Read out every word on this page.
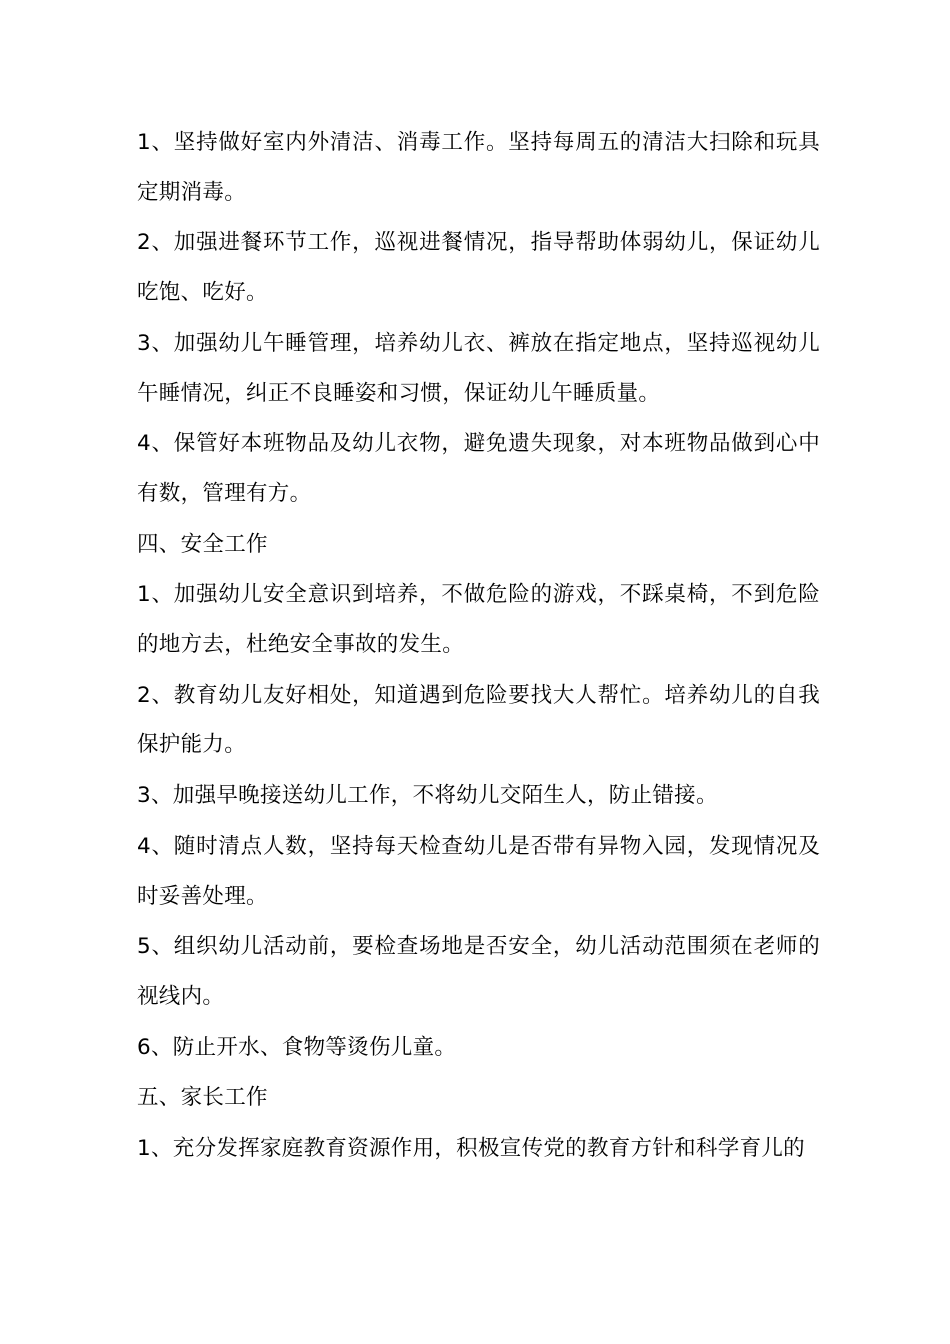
1、坚持做好室内外清洁、消毒工作。坚持每周五的清洁大扫除和玩具定期消毒。

2、加强进餐环节工作，巡视进餐情况，指导帮助体弱幼儿，保证幼儿吃饱、吃好。

3、加强幼儿午睡管理，培养幼儿衣、裤放在指定地点，坚持巡视幼儿午睡情况，纠正不良睡姿和习惯，保证幼儿午睡质量。

4、保管好本班物品及幼儿衣物，避免遗失现象，对本班物品做到心中有数，管理有方。

四、安全工作

1、加强幼儿安全意识到培养，不做危险的游戏，不踩桌椅，不到危险的地方去，杜绝安全事故的发生。

2、教育幼儿友好相处，知道遇到危险要找大人帮忙。培养幼儿的自我保护能力。

3、加强早晚接送幼儿工作，不将幼儿交陌生人，防止错接。

4、随时清点人数，坚持每天检查幼儿是否带有异物入园，发现情况及时妥善处理。

5、组织幼儿活动前，要检查场地是否安全，幼儿活动范围须在老师的视线内。

6、防止开水、食物等烫伤儿童。

五、家长工作

1、充分发挥家庭教育资源作用，积极宣传党的教育方针和科学育儿的
